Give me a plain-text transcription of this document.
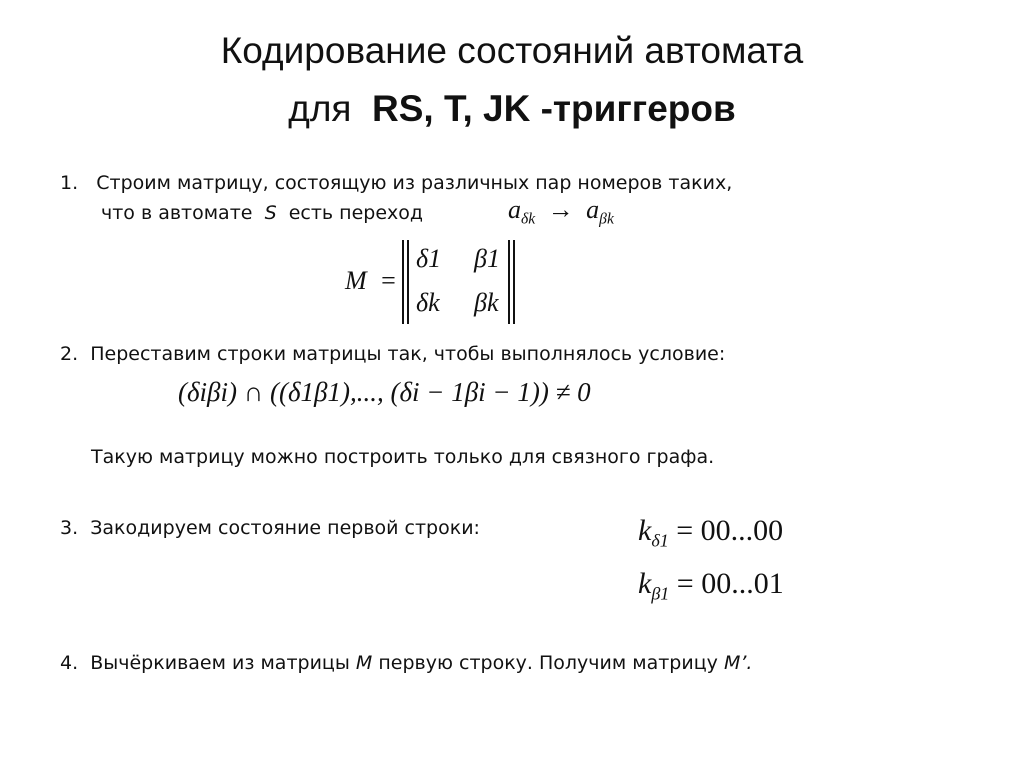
Кодирование состояний автомата
для RS, T, JK -триггеров
1. Строим матрицу, состоящую из различных пар номеров таких,
что в автомате S есть переход	$a_{\delta k} \to a_{\beta k}$
M =
δ1 β1
δk βk
2. Переставим строки матрицы так, чтобы выполнялось условие:
(δiβi) ∩ ((δ1β1),..., (δi − 1βi − 1)) ≠ 0
Такую матрицу можно построить только для связного графа.
3. Закодируем состояние первой строки:	$k_{\delta 1} = 00...00$
$k_{\beta 1} = 00...01$
4. Вычёркиваем из матрицы M первую строку. Получим матрицу M’.
